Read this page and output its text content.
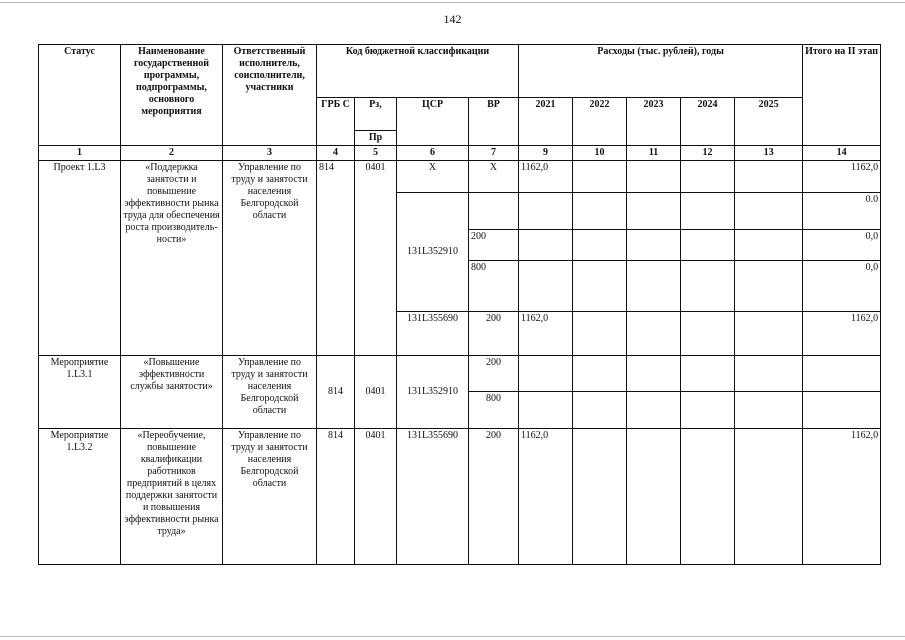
142
Статус	Наименование государственной программы, подпрограммы, основного мероприятия	Ответственный исполнитель, соисполнители, участники	Код бюджетной классификации				Расходы (тыс. рублей), годы					Итого на II этап
			ГРБ С	Рз,	ЦСР	ВР	2021	2022	2023	2024	2025	
				Пр								
1	2	3	4	5	6	7	9	10	11	12	13	14
Проект 1.L3	«Поддержка занятости и повышение эффективности рынка труда для обеспечения роста производитель-ности»	Управление по труду и занятости населения Белгородской области	814	0401	Х	Х	1162,0					1162,0
					131L352910							0.0
						200						0,0
						800						0,0
					131L355690	200	1162,0					1162,0
Мероприятие 1.L3.1	«Повышение эффективности службы занятости»	Управление по труду и занятости населения Белгородской области	814	0401	131L352910	200						
						800						
Мероприятие 1.L3.2	«Переобучение, повышение квалификации работников предприятий в целях поддержки занятости и повышения эффективности рынка труда»	Управление по труду и занятости населения Белгородской области	814	0401	131L355690	200	1162,0					1162,0
